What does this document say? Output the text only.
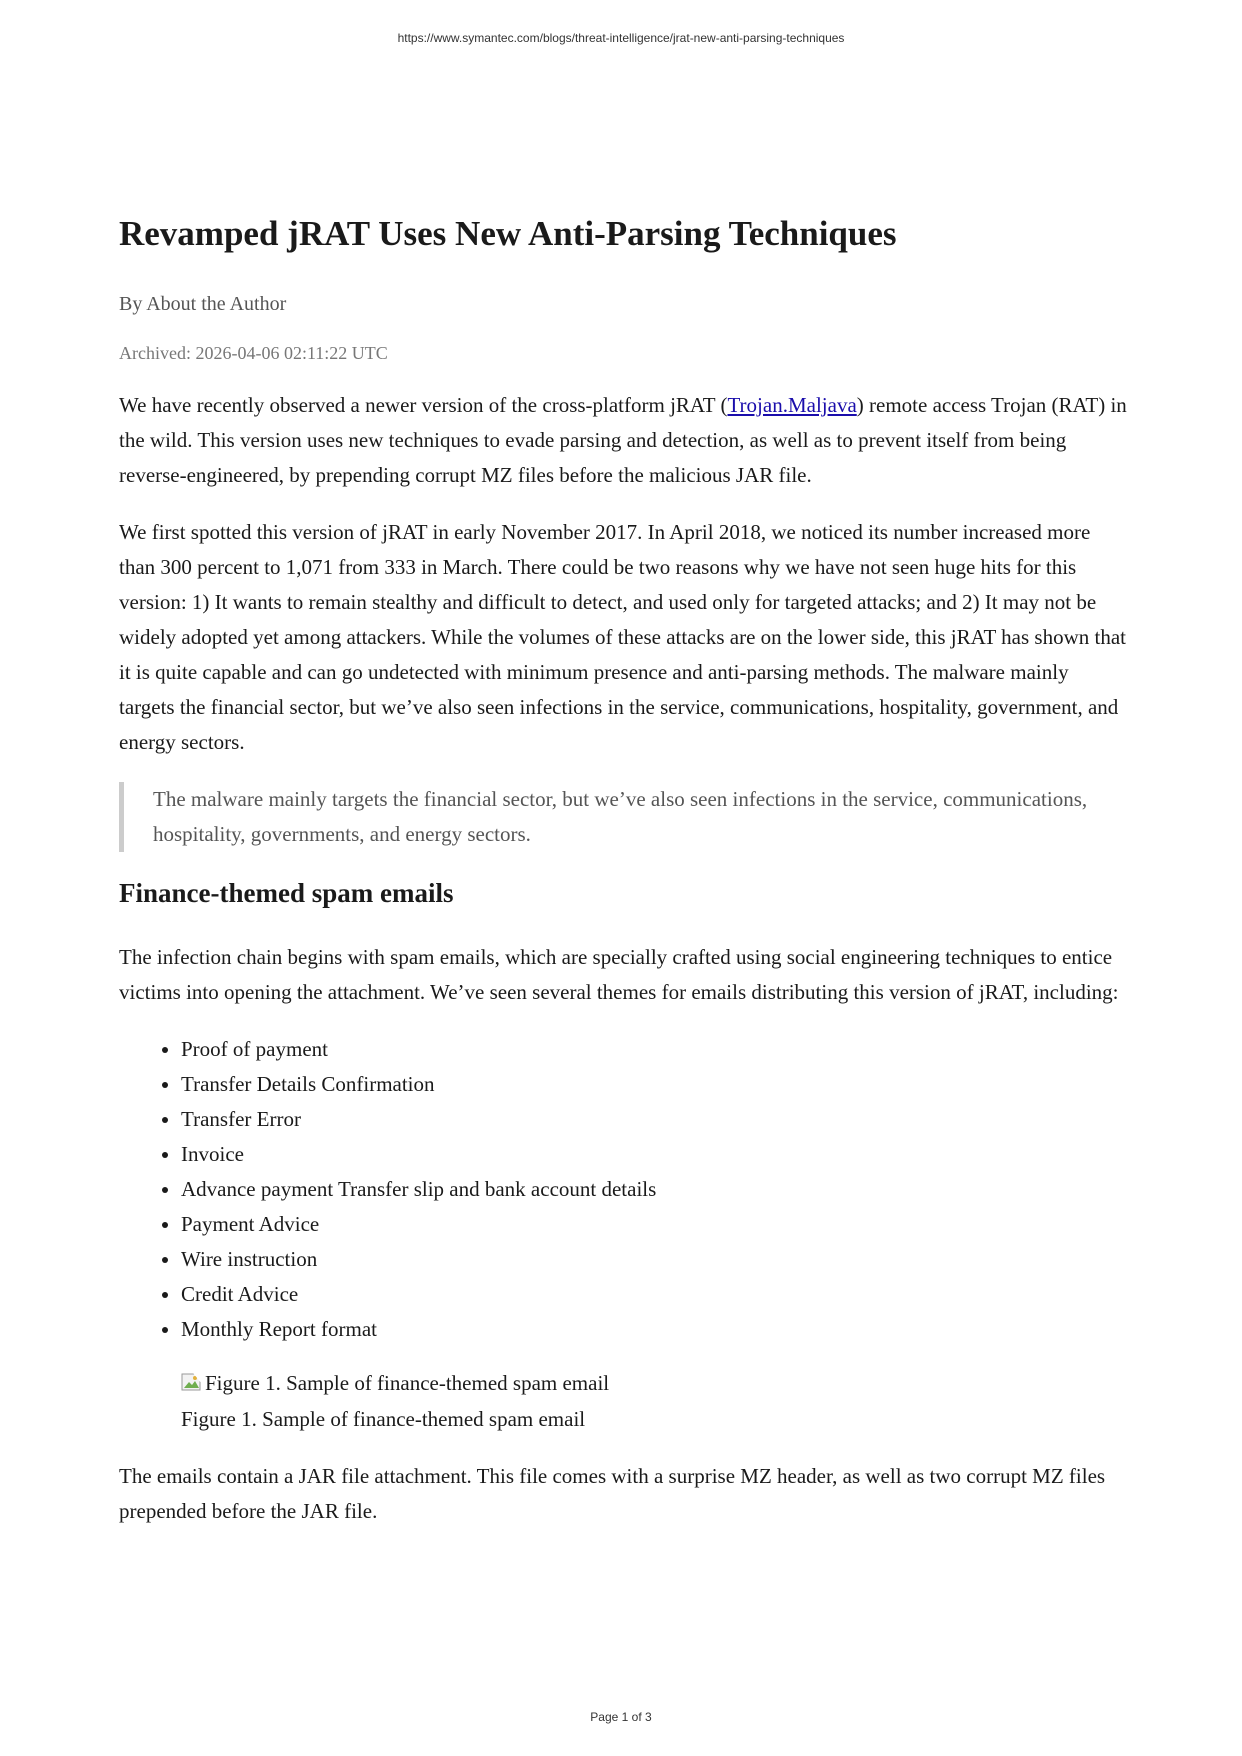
https://www.symantec.com/blogs/threat-intelligence/jrat-new-anti-parsing-techniques
Revamped jRAT Uses New Anti-Parsing Techniques
By About the Author
Archived: 2026-04-06 02:11:22 UTC

We have recently observed a newer version of the cross-platform jRAT (Trojan.Maljava) remote access Trojan (RAT) in the wild. This version uses new techniques to evade parsing and detection, as well as to prevent itself from being reverse-engineered, by prepending corrupt MZ files before the malicious JAR file.

We first spotted this version of jRAT in early November 2017. In April 2018, we noticed its number increased more than 300 percent to 1,071 from 333 in March. There could be two reasons why we have not seen huge hits for this version: 1) It wants to remain stealthy and difficult to detect, and used only for targeted attacks; and 2) It may not be widely adopted yet among attackers. While the volumes of these attacks are on the lower side, this jRAT has shown that it is quite capable and can go undetected with minimum presence and anti-parsing methods. The malware mainly targets the financial sector, but we’ve also seen infections in the service, communications, hospitality, government, and energy sectors.

The malware mainly targets the financial sector, but we’ve also seen infections in the service, communications, hospitality, governments, and energy sectors.
Finance-themed spam emails

The infection chain begins with spam emails, which are specially crafted using social engineering techniques to entice victims into opening the attachment. We’ve seen several themes for emails distributing this version of jRAT, including:

• Proof of payment
• Transfer Details Confirmation
• Transfer Error
• Invoice
• Advance payment Transfer slip and bank account details
• Payment Advice
• Wire instruction
• Credit Advice
• Monthly Report format
Figure 1. Sample of finance-themed spam email
Figure 1. Sample of finance-themed spam email

The emails contain a JAR file attachment. This file comes with a surprise MZ header, as well as two corrupt MZ files prepended before the JAR file.

Page 1 of 3
